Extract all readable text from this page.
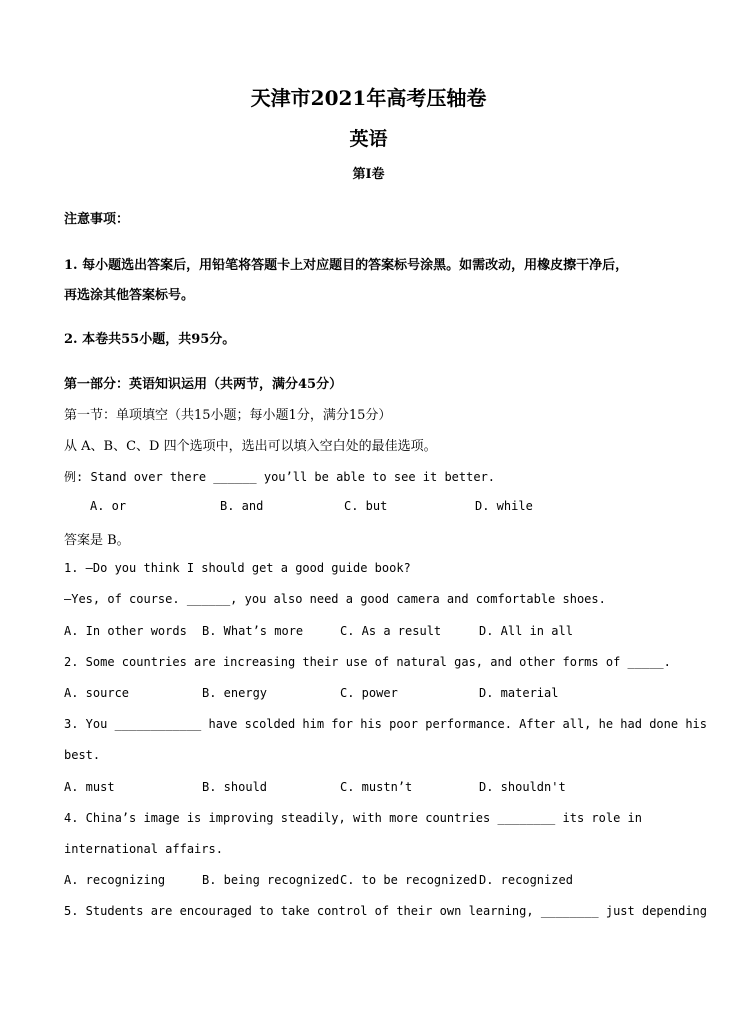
天津市2021年高考压轴卷
英语
第Ⅰ卷
注意事项：
1. 每小题选出答案后，用铅笔将答题卡上对应题目的答案标号涂黑。如需改动，用橡皮擦干净后，
再选涂其他答案标号。
2. 本卷共55小题，共95分。
第一部分：英语知识运用（共两节，满分45分）
第一节：单项填空（共15小题；每小题1分，满分15分）
从 A、B、C、D 四个选项中，选出可以填入空白处的最佳选项。
例: Stand over there ______ you’ll be able to see it better.
A. or	B. and	C. but	D. while
答案是 B。
1. —Do you think I should get a good guide book?
—Yes, of course. ______, you also need a good camera and comfortable shoes.
A. In other words B. What’s more	C. As a result	D. All in all
2. Some countries are increasing their use of natural gas, and other forms of _____.
A. source	B. energy	C. power	D. material
3. You ____________ have scolded him for his poor performance. After all, he had done his
best.
A. must	B. should	C. mustn’t	D. shouldn't
4. China’s image is improving steadily, with more countries ________ its role in
international affairs.
A. recognizing	B. being recognized C. to be recognized D. recognized
5. Students are encouraged to take control of their own learning, ________ just depending
